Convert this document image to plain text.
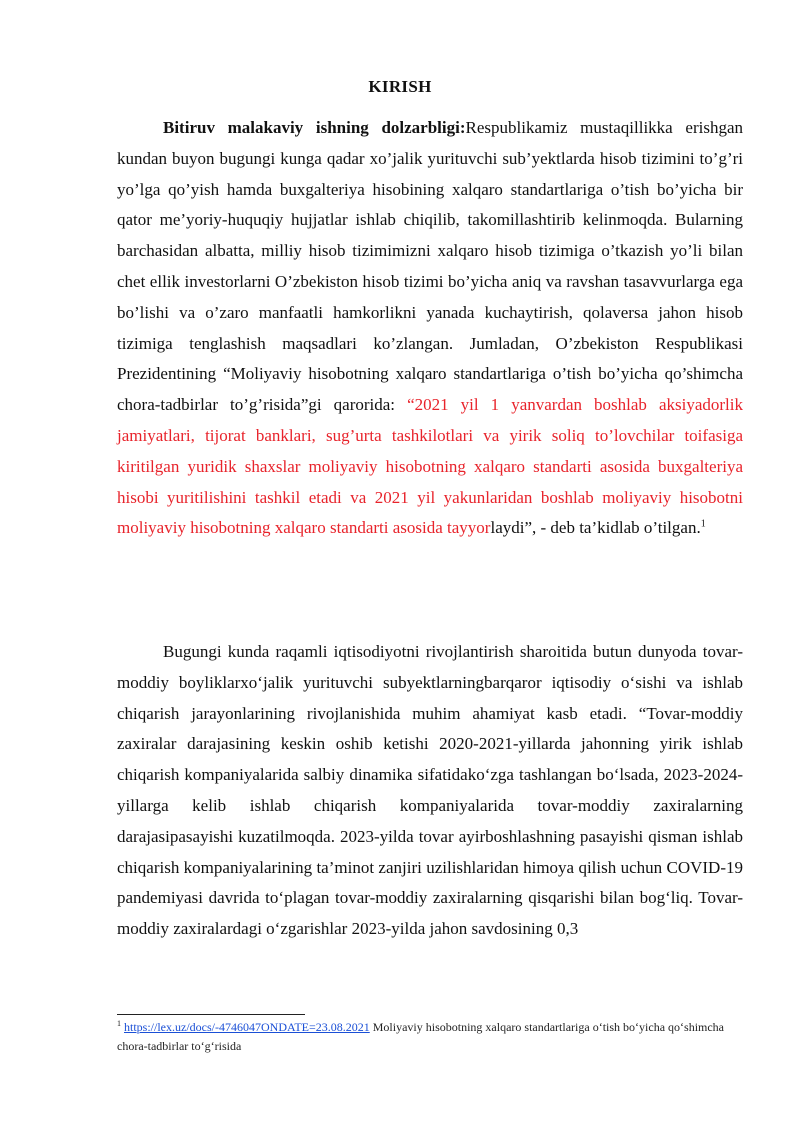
KIRISH

Bitiruv malakaviy ishning dolzarbligi:Respublikamiz mustaqillikka erishgan kundan buyon bugungi kunga qadar xo’jalik yurituvchi sub’yektlarda hisob tizimini to’g’ri yo’lga qo’yish hamda buxgalteriya hisobining xalqaro standartlariga o’tish bo’yicha bir qator me’yoriy-huquqiy hujjatlar ishlab chiqilib, takomillashtirib kelinmoqda. Bularning barchasidan albatta, milliy hisob tizimimizni xalqaro hisob tizimiga o’tkazish yo’li bilan chet ellik investorlarni O’zbekiston hisob tizimi bo’yicha aniq va ravshan tasavvurlarga ega bo’lishi va o’zaro manfaatli hamkorlikni yanada kuchaytirish, qolaversa jahon hisob tizimiga tenglashish maqsadlari ko’zlangan. Jumladan, O’zbekiston Respublikasi Prezidentining “Moliyaviy hisobotning xalqaro standartlariga o’tish bo’yicha qo’shimcha chora-tadbirlar to’g’risida”gi qarorida: “2021 yil 1 yanvardan boshlab aksiyadorlik jamiyatlari, tijorat banklari, sug’urta tashkilotlari va yirik soliq to’lovchilar toifasiga kiritilgan yuridik shaxslar moliyaviy hisobotning xalqaro standarti asosida buxgalteriya hisobi yuritilishini tashkil etadi va 2021 yil yakunlaridan boshlab moliyaviy hisobotni moliyaviy hisobotning xalqaro standarti asosida tayyorlaydi”, - deb ta’kidlab o’tilgan.$^1$

Bugungi kunda raqamli iqtisodiyotni rivojlantirish sharoitida butun dunyoda tovar-moddiy boyliklarxo‘jalik yurituvchi subyektlarningbarqaror iqtisodiy o‘sishi va ishlab chiqarish jarayonlarining rivojlanishida muhim ahamiyat kasb etadi. “Tovar-moddiy zaxiralar darajasining keskin oshib ketishi 2020-2021-yillarda jahonning yirik ishlab chiqarish kompaniyalarida salbiy dinamika sifatidako‘zga tashlangan bo‘lsada, 2023-2024-yillarga kelib ishlab chiqarish kompaniyalarida tovar-moddiy zaxiralarning darajasipasayishi kuzatilmoqda. 2023-yilda tovar ayirboshlashning pasayishi qisman ishlab chiqarish kompaniyalarining ta’minot zanjiri uzilishlaridan himoya qilish uchun COVID-19 pandemiyasi davrida to‘plagan tovar-moddiy zaxiralarning qisqarishi bilan bog‘liq. Tovar-moddiy zaxiralardagi o‘zgarishlar 2023-yilda jahon savdosining 0,3

$^1$ https://lex.uz/docs/-4746047ONDATE=23.08.2021 Moliyaviy hisobotning xalqaro standartlariga o‘tish bo‘yicha qo‘shimcha chora-tadbirlar to‘g‘risida
